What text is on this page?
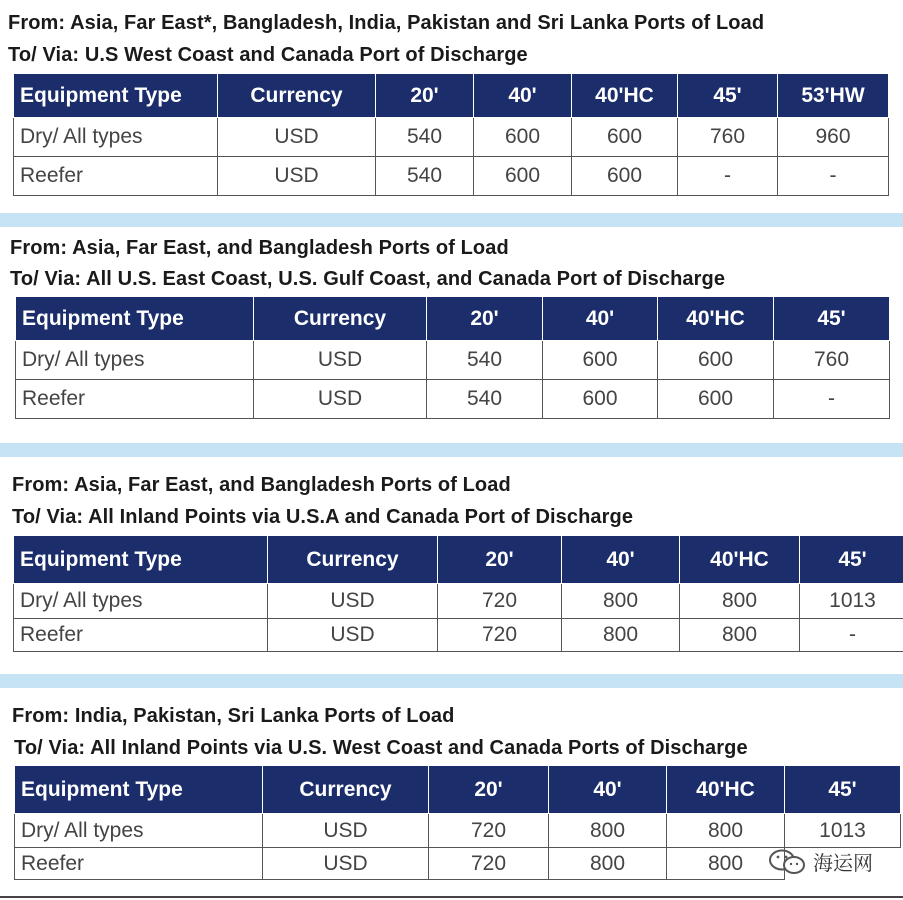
From: Asia, Far East*, Bangladesh, India, Pakistan and Sri Lanka Ports of Load
To/ Via: U.S West Coast and Canada Port of Discharge
Equipment Type	Currency	20'	40'	40'HC	45'	53'HW
Dry/ All types	USD	540	600	600	760	960
Reefer	USD	540	600	600	-	-
From: Asia, Far East, and Bangladesh Ports of Load
To/ Via: All U.S. East Coast, U.S. Gulf Coast, and Canada Port of Discharge
Equipment Type	Currency	20'	40'	40'HC	45'
Dry/ All types	USD	540	600	600	760
Reefer	USD	540	600	600	-
From: Asia, Far East, and Bangladesh Ports of Load
To/ Via: All Inland Points via U.S.A and Canada Port of Discharge
Equipment Type	Currency	20'	40'	40'HC	45'
Dry/ All types	USD	720	800	800	1013
Reefer	USD	720	800	800	-
From: India, Pakistan, Sri Lanka Ports of Load
To/ Via: All Inland Points via U.S. West Coast and Canada Ports of Discharge
Equipment Type	Currency	20'	40'	40'HC	45'
Dry/ All types	USD	720	800	800	1013
Reefer	USD	720	800	800		海运网
